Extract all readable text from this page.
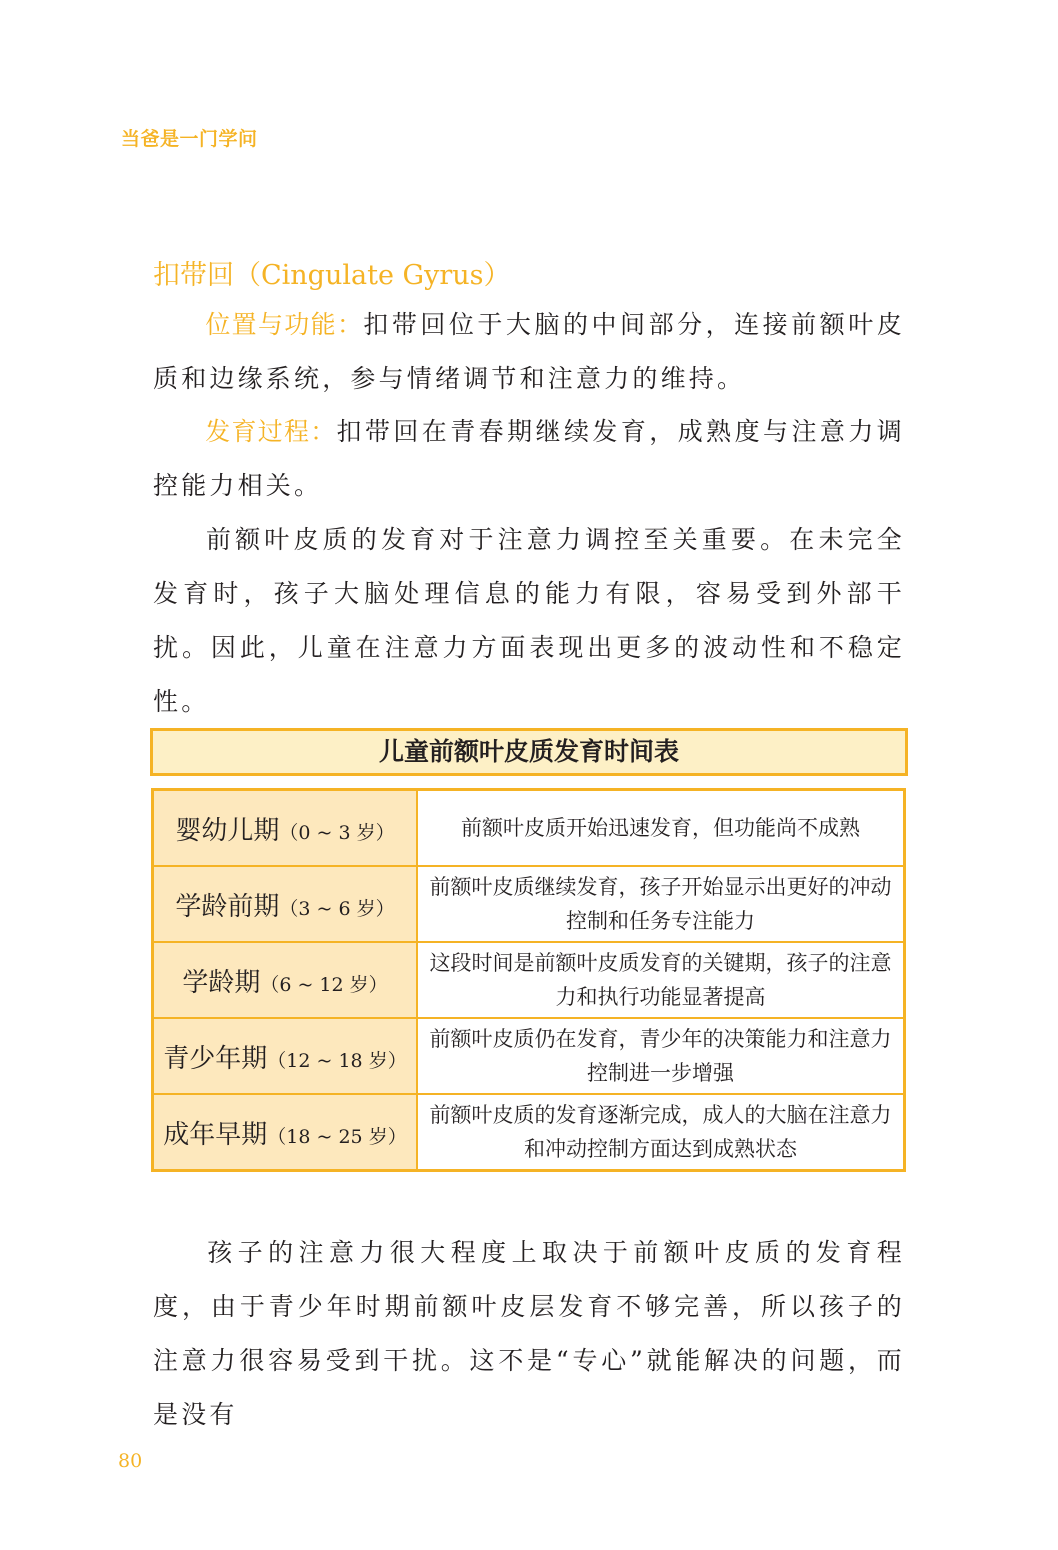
当爸是一门学问
扣带回（Cingulate Gyrus）

位置与功能：扣带回位于大脑的中间部分，连接前额叶皮质和边缘系统，参与情绪调节和注意力的维持。

发育过程：扣带回在青春期继续发育，成熟度与注意力调控能力相关。

前额叶皮质的发育对于注意力调控至关重要。在未完全发育时，孩子大脑处理信息的能力有限，容易受到外部干扰。因此，儿童在注意力方面表现出更多的波动性和不稳定性。

儿童前额叶皮质发育时间表
婴幼儿期（0 ~ 3 岁）	前额叶皮质开始迅速发育，但功能尚不成熟
学龄前期（3 ~ 6 岁）	前额叶皮质继续发育，孩子开始显示出更好的冲动控制和任务专注能力
学龄期（6 ~ 12 岁）	这段时间是前额叶皮质发育的关键期，孩子的注意力和执行功能显著提高
青少年期（12 ~ 18 岁）	前额叶皮质仍在发育，青少年的决策能力和注意力控制进一步增强
成年早期（18 ~ 25 岁）	前额叶皮质的发育逐渐完成，成人的大脑在注意力和冲动控制方面达到成熟状态

孩子的注意力很大程度上取决于前额叶皮质的发育程度，由于青少年时期前额叶皮层发育不够完善，所以孩子的注意力很容易受到干扰。这不是“专心”就能解决的问题，而是没有

80
